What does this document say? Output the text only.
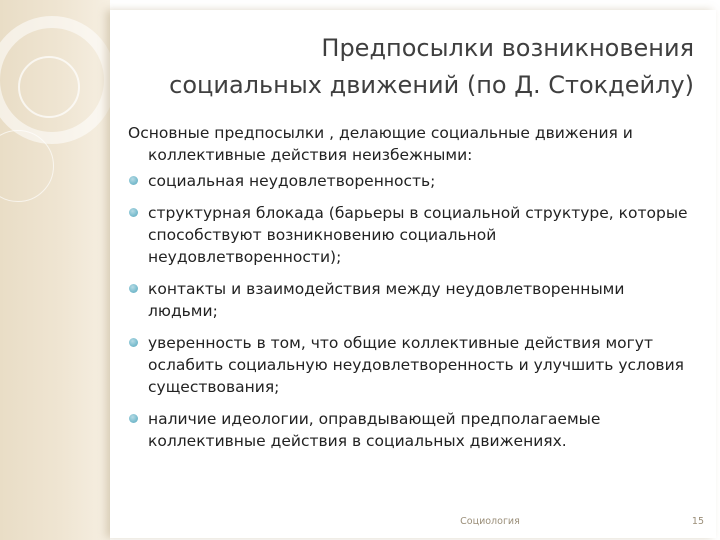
Предпосылки возникновения
социальных движений (по Д. Стокдейлу)

Основные предпосылки , делающие социальные движения и коллективные действия неизбежными:

социальная неудовлетворенность;
структурная блокада (барьеры в социальной структуре, которые способствуют возникновению социальной неудовлетворенности);
контакты и взаимодействия между неудовлетворенными людьми;
уверенность в том, что общие коллективные действия могут ослабить социальную неудовлетворенность и улучшить условия существования;
наличие идеологии, оправдывающей предполагаемые коллективные действия в социальных движениях.
Социология	15
